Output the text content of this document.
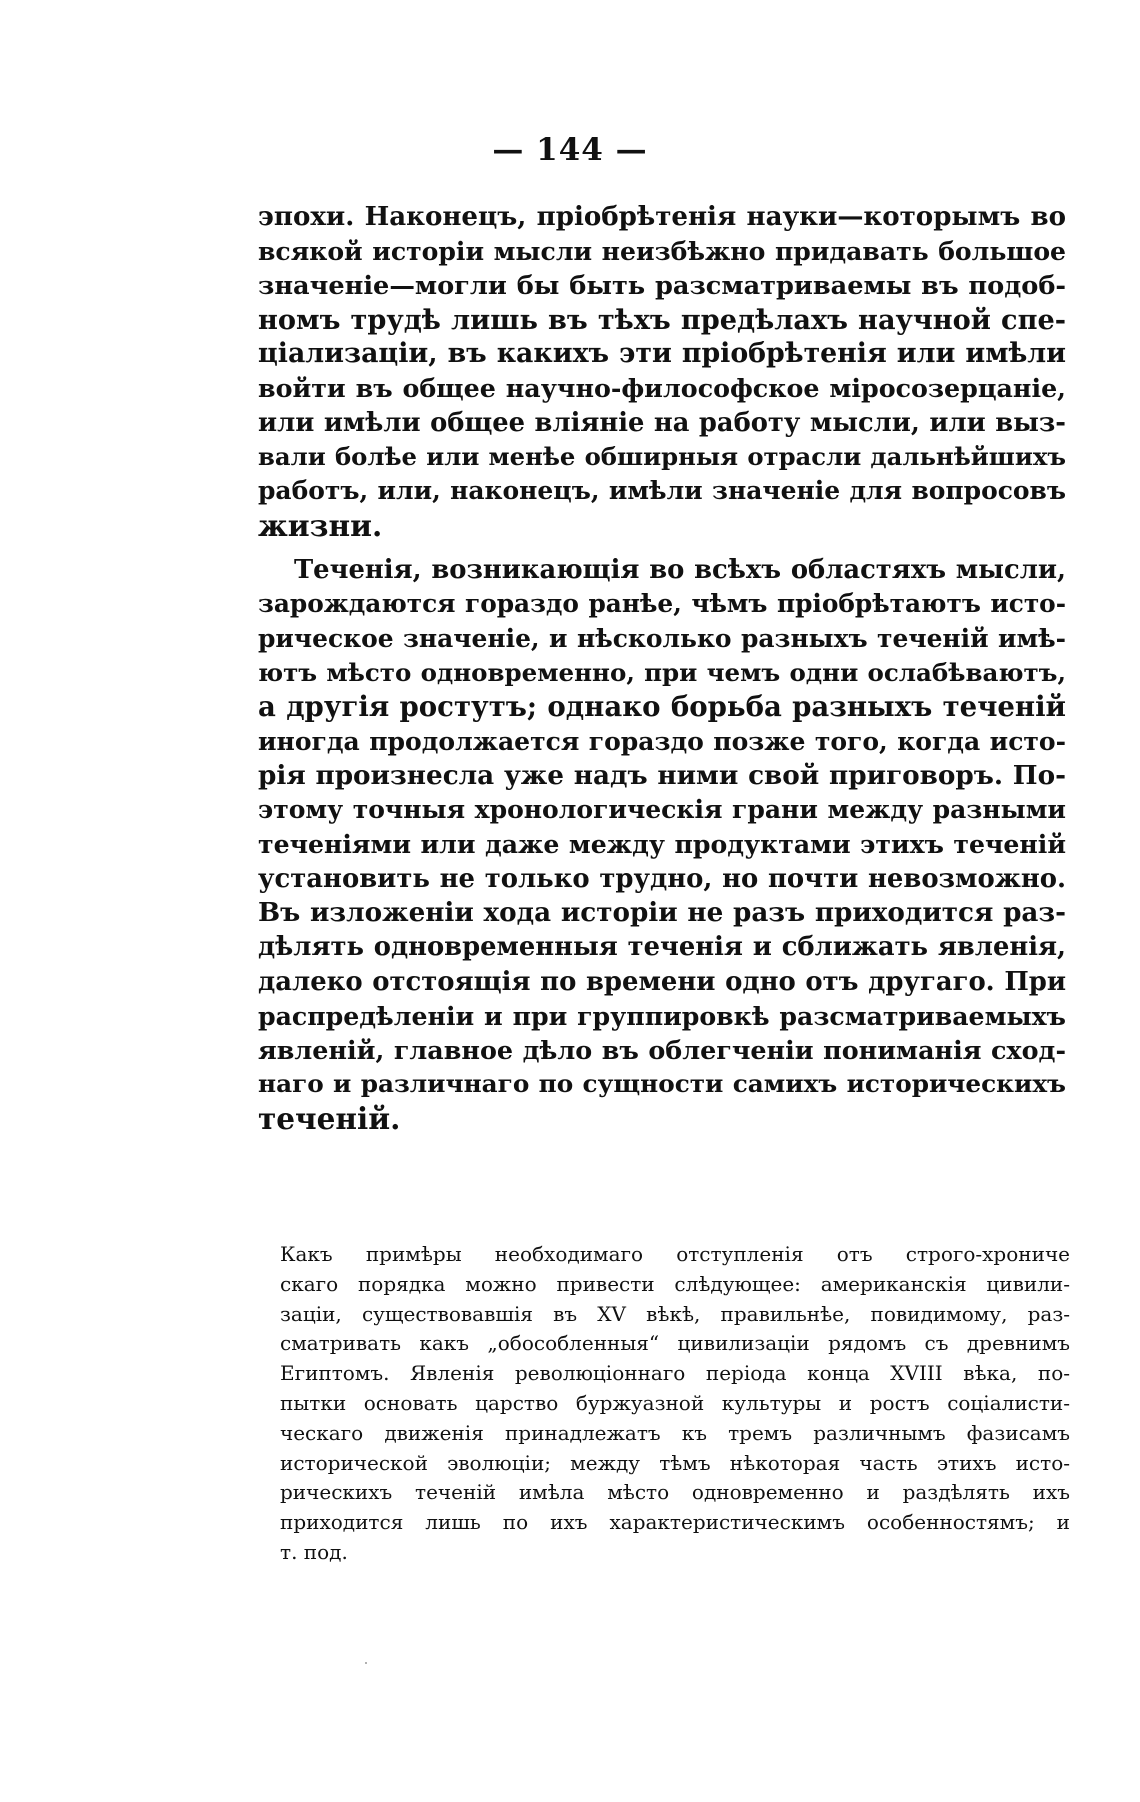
— 144 —
эпохи. Наконецъ, пріобрѣтенія науки—которымъ во
всякой исторіи мысли неизбѣжно придавать большое
значеніе—могли бы быть разсматриваемы въ подоб-
номъ трудѣ лишь въ тѣхъ предѣлахъ научной спе-
ціализаціи, въ какихъ эти пріобрѣтенія или имѣли
войти въ общее научно-философское міросозерцаніе,
или имѣли общее вліяніе на работу мысли, или выз-
вали болѣе или менѣе обширныя отрасли дальнѣйшихъ
работъ, или, наконецъ, имѣли значеніе для вопросовъ
жизни.
Теченія, возникающія во всѣхъ областяхъ мысли,
зарождаются гораздо ранѣе, чѣмъ пріобрѣтаютъ исто-
рическое значеніе, и нѣсколько разныхъ теченій имѣ-
ютъ мѣсто одновременно, при чемъ одни ослабѣваютъ,
а другія ростутъ; однако борьба разныхъ теченій
иногда продолжается гораздо позже того, когда исто-
рія произнесла уже надъ ними свой приговоръ. По-
этому точныя хронологическія грани между разными
теченіями или даже между продуктами этихъ теченій
установить не только трудно, но почти невозможно.
Въ изложеніи хода исторіи не разъ приходится раз-
дѣлять одновременныя теченія и сближать явленія,
далеко отстоящія по времени одно отъ другаго. При
распредѣленіи и при группировкѣ разсматриваемыхъ
явленій, главное дѣло въ облегченіи пониманія сход-
наго и различнаго по сущности самихъ историческихъ
теченій.
Какъ примѣры необходимаго отступленія отъ строго-хрониче
скаго порядка можно привести слѣдующее: американскія цивили-
заціи, существовавшія въ XV вѣкѣ, правильнѣе, повидимому, раз-
сматривать какъ „обособленныя“ цивилизаціи рядомъ съ древнимъ
Египтомъ. Явленія революціоннаго періода конца XVIII вѣка, по-
пытки основать царство буржуазной культуры и ростъ соціалисти-
ческаго движенія принадлежатъ къ тремъ различнымъ фазисамъ
исторической эволюціи; между тѣмъ нѣкоторая часть этихъ исто-
рическихъ теченій имѣла мѣсто одновременно и раздѣлять ихъ
приходится лишь по ихъ характеристическимъ особенностямъ; и
т. под.
